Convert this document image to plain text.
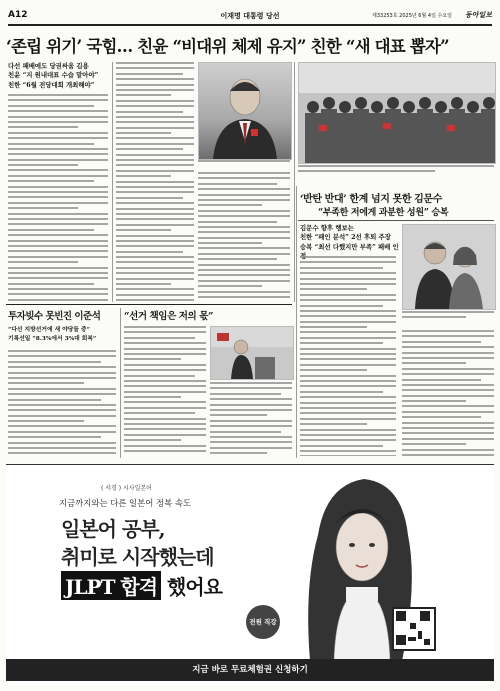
A12	이재명 대통령 당선	제33253호 2025년 6월 4일 수요일 동아일보
‘존립 위기’ 국힘… 친윤 “비대위 체제 유지” 친한 “새 대표 뽑자”
다선 패배에도 당권싸움 김용
친윤 “지 원내대표 수습 맡아야”
친한 “6월 전당대회 개최해야”
‘반탄 반대’ 한계 넘지 못한 김문수
“부족한 저에게 과분한 성원” 승복
김문수 향후 행보는
친한 “패인 분석” 2선 후퇴 주장
승복 “최선 다했지만 부족” 패배 인
투자빚수 못빈진 이준석
“다선 지방선거에 새 야당들 중”
기록선일 “8.3%에서 3%대 회복”
“선거 책임은 저의 몫”
( 서경 ) 시사일본어
지금까지와는 다른 일본어 정복 속도
일본어 공부,
취미로 시작했는데
JLPT 합격 했어요
전원 직강
지금 바로 무료체험권 신청하기
